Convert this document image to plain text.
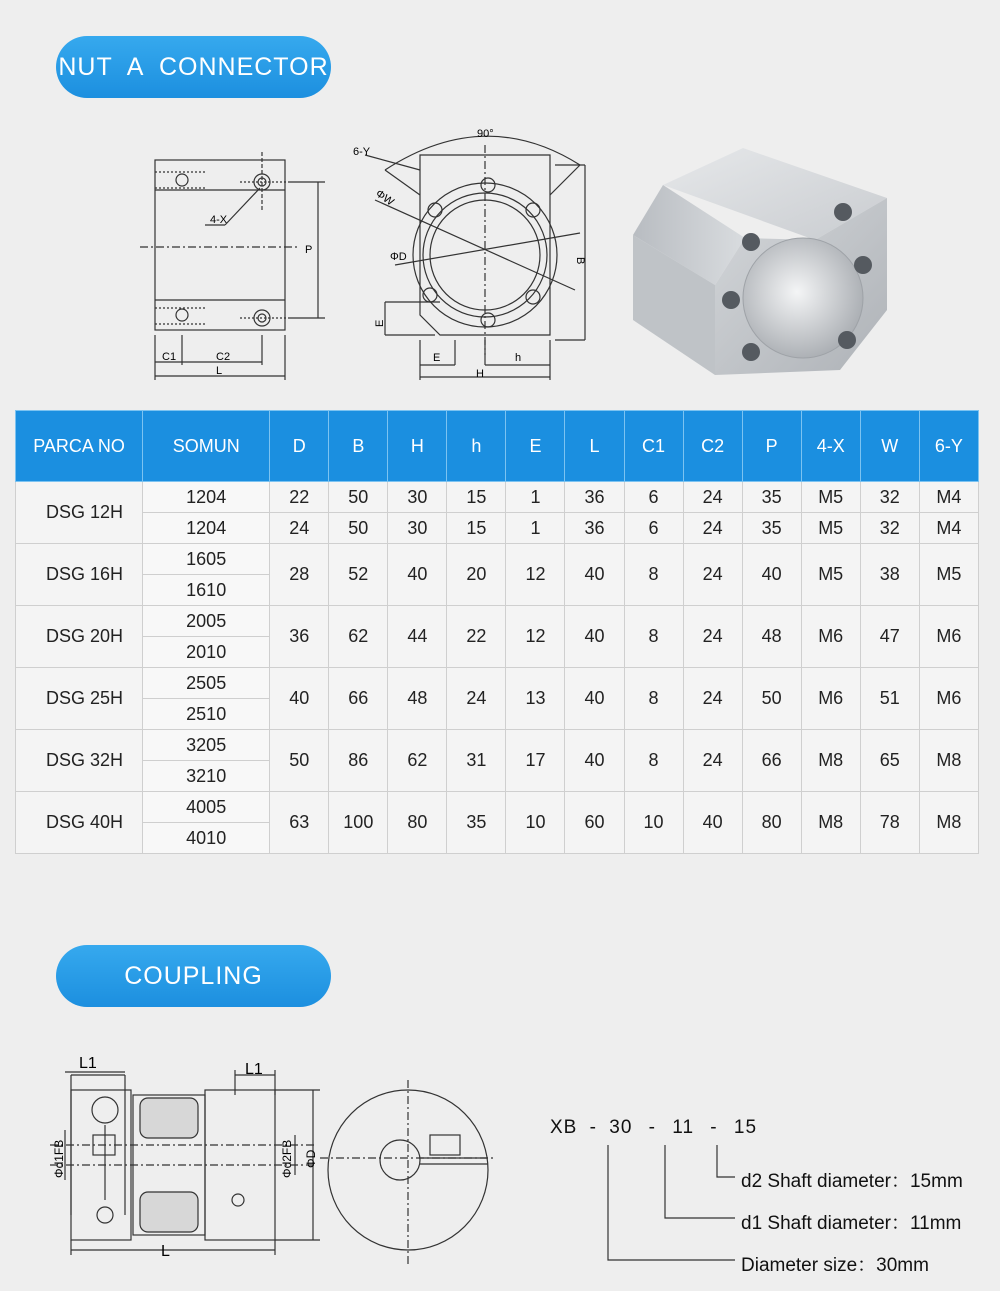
NUT  A  CONNECTOR
4-X
P
C1	C2
L
90°
6-Y
ΦW
ΦD	B
E
E	h
H
PARCA NO	SOMUN	D	B	H	h	E	L	C1	C2	P	4-X	W	6-Y
DSG 12H	1204	22	50	30	15	1	36	6	24	35	M5	32	M4
	1204	24	50	30	15	1	36	6	24	35	M5	32	M4
DSG 16H	1605	28	52	40	20	12	40	8	24	40	M5	38	M5
	1610												
DSG 20H	2005	36	62	44	22	12	40	8	24	48	M6	47	M6
	2010												
DSG 25H	2505	40	66	48	24	13	40	8	24	50	M6	51	M6
	2510												
DSG 32H	3205	50	86	62	31	17	40	8	24	66	M8	65	M8
	3210												
DSG 40H	4005	63	100	80	35	10	60	10	40	80	M8	78	M8
	4010												
COUPLING
L1	L1
Φd1FB	Φd2FB ΦD
L
XB - 30 - 11 - 15
d2 Shaft diameter：15mm
d1 Shaft diameter：11mm
Diameter size：30mm
